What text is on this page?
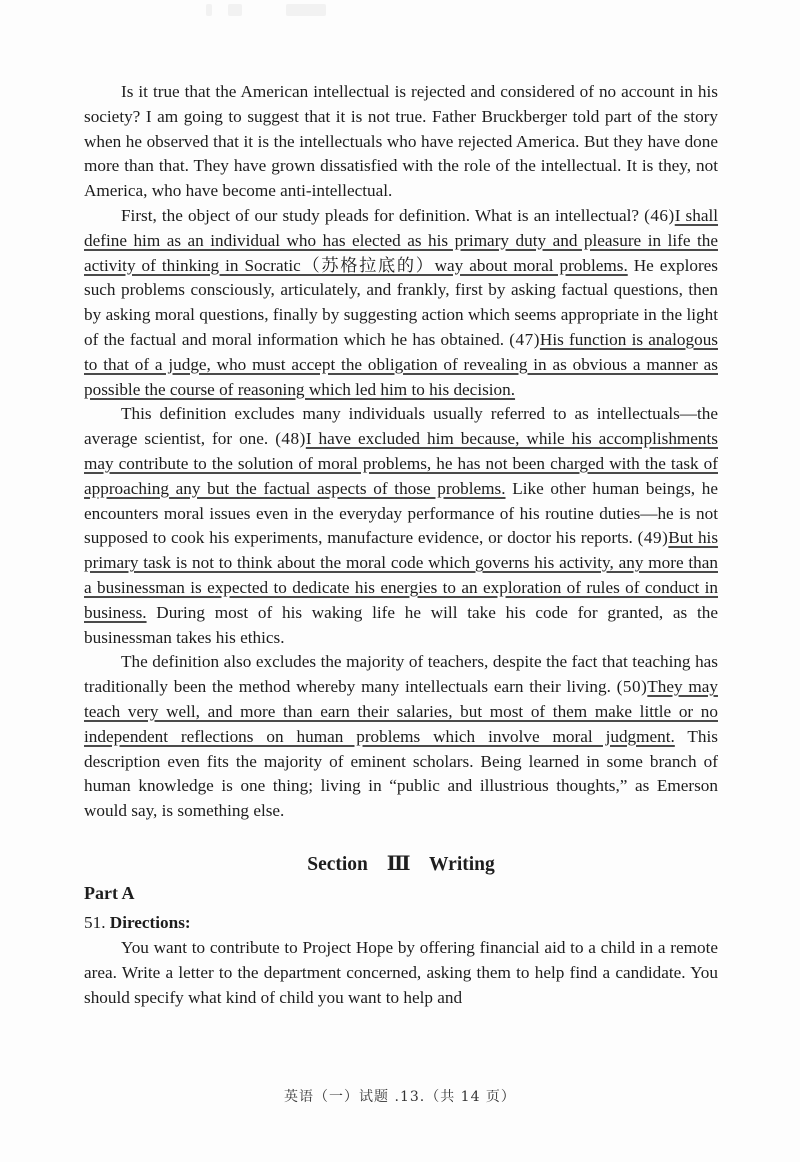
Is it true that the American intellectual is rejected and considered of no account in his society? I am going to suggest that it is not true. Father Bruckberger told part of the story when he observed that it is the intellectuals who have rejected America. But they have done more than that. They have grown dissatisfied with the role of the intellectual. It is they, not America, who have become anti-intellectual.

First, the object of our study pleads for definition. What is an intellectual? (46)I shall define him as an individual who has elected as his primary duty and pleasure in life the activity of thinking in Socratic（苏格拉底的）way about moral problems. He explores such problems consciously, articulately, and frankly, first by asking factual questions, then by asking moral questions, finally by suggesting action which seems appropriate in the light of the factual and moral information which he has obtained. (47)His function is analogous to that of a judge, who must accept the obligation of revealing in as obvious a manner as possible the course of reasoning which led him to his decision.

This definition excludes many individuals usually referred to as intellectuals—the average scientist, for one. (48)I have excluded him because, while his accomplishments may contribute to the solution of moral problems, he has not been charged with the task of approaching any but the factual aspects of those problems. Like other human beings, he encounters moral issues even in the everyday performance of his routine duties—he is not supposed to cook his experiments, manufacture evidence, or doctor his reports. (49)But his primary task is not to think about the moral code which governs his activity, any more than a businessman is expected to dedicate his energies to an exploration of rules of conduct in business. During most of his waking life he will take his code for granted, as the businessman takes his ethics.

The definition also excludes the majority of teachers, despite the fact that teaching has traditionally been the method whereby many intellectuals earn their living. (50)They may teach very well, and more than earn their salaries, but most of them make little or no independent reflections on human problems which involve moral judgment. This description even fits the majority of eminent scholars. Being learned in some branch of human knowledge is one thing; living in “public and illustrious thoughts,” as Emerson would say, is something else.

Section Ⅲ Writing
Part A

51. Directions:

You want to contribute to Project Hope by offering financial aid to a child in a remote area. Write a letter to the department concerned, asking them to help find a candidate. You should specify what kind of child you want to help and

英语（一）试题 .13.（共 14 页）
